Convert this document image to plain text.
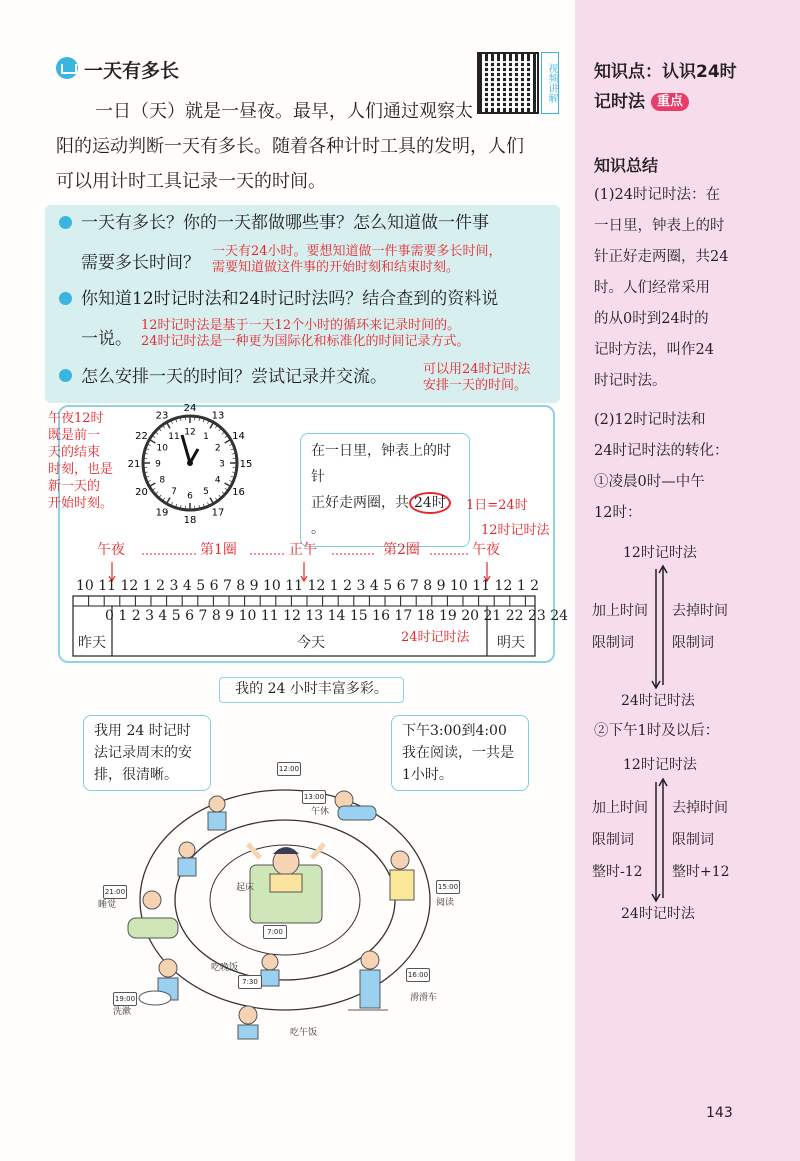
知识点：认识24时
记时法 重点
知识总结
(1)24时记时法：在
一日里，钟表上的时
针正好走两圈，共24
时。人们经常采用
的从0时到24时的
记时方法，叫作24
时记时法。
(2)12时记时法和
24时记时法的转化：
①凌晨0时—中午
12时：
12时记时法
加上时间
限制词
去掉时间
限制词
24时记时法
②下午1时及以后：
12时记时法
加上时间
限制词
整时-12
去掉时间
限制词
整时+12
24时记时法
143
一天有多长	视频讲解
一日（天）就是一昼夜。最早，人们通过观察太
阳的运动判断一天有多长。随着各种计时工具的发明，人们
可以用计时工具记录一天的时间。
一天有多长？你的一天都做哪些事？怎么知道做一件事
需要多长时间？
一天有24小时。要想知道做一件事需要多长时间，
需要知道做这件事的开始时刻和结束时刻。
你知道12时记时法和24时记时法吗？结合查到的资料说
一说。
12时记时法是基于一天12个小时的循环来记录时间的。
24时记时法是一种更为国际化和标准化的时间记录方式。
怎么安排一天的时间？尝试记录并交流。	可以用24时记时法
安排一天的时间。
午夜12时
既是前一
天的结束
时刻，也是
新一天的
开始时刻。
12 1
2
3
4
5
6
7
8
9
10
11
24
13
14
15
16
17
18
19
20
21
22
23
在一日里，钟表上的时针
正好走两圈，共 24时。
1日=24时
12时记时法
午夜	第1圈	正午	第2圈	午夜
10 11 12 1 2 3 4 5 6 7 8 9 10 11 12 1 2 3 4 5 6 7 8 9 10 11 12 1 2
0 1 2 3 4 5 6 7 8 9 10 11 12 13 14 15 16 17 18 19 20 21 22 23 24
昨天	今天	明天
24时记时法
我的 24 小时丰富多彩。
我用 24 时记时
法记录周末的安
排，很清晰。
下午3:00到4:00
我在阅读，一共是
1小时。
睡觉
洗漱
吃午饭
阅读
午休
滑滑车
吃晚饭
起床
12:00
13:00
15:00
16:00
19:00
21:00
7:00
7:30
